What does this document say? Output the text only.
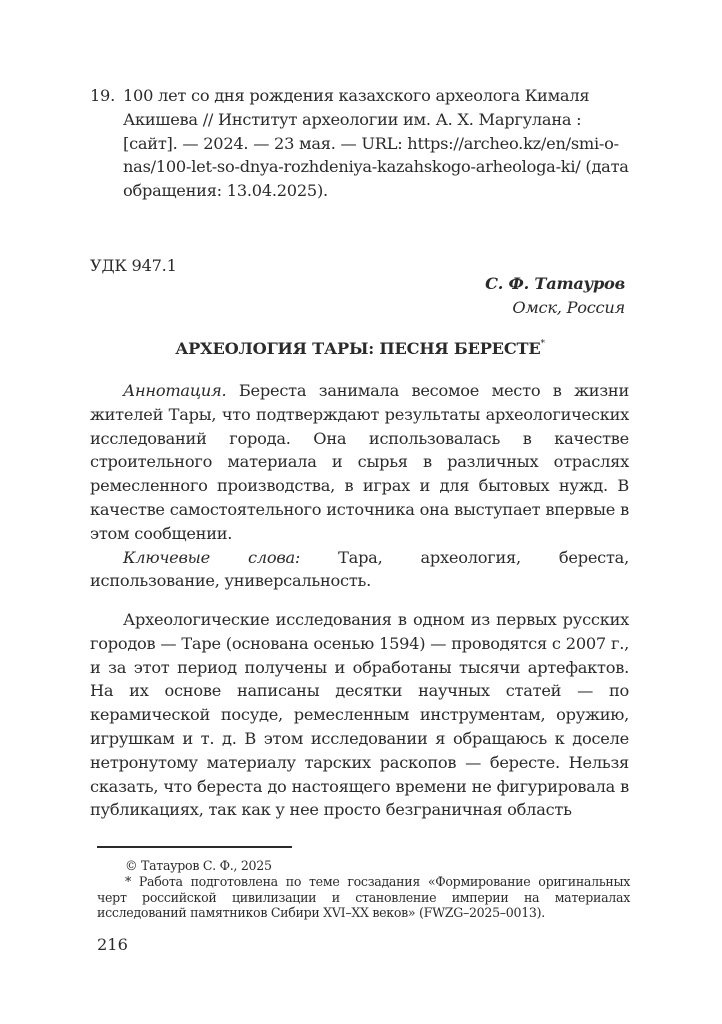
19. 100 лет со дня рождения казахского археолога Кималя Акишева // Институт археологии им. А. Х. Маргулана : [сайт]. — 2024. — 23 мая. — URL: https://archeo.kz/en/smi-o-nas/100-let-so-dnya-rozhdeniya-kazahskogo-arheologa-ki/ (дата обращения: 13.04.2025).
УДК 947.1
С. Ф. Татауров
Омск, Россия
АРХЕОЛОГИЯ ТАРЫ: ПЕСНЯ БЕРЕСТЕ*

Аннотация. Береста занимала весомое место в жизни жителей Тары, что подтверждают результаты археологических исследований города. Она использовалась в качестве строительного материала и сырья в различных отраслях ремесленного производства, в играх и для бытовых нужд. В качестве самостоятельного источника она выступает впервые в этом сообщении.

Ключевые слова: Тара, археология, береста, использование, универсальность.

Археологические исследования в одном из первых русских городов — Таре (основана осенью 1594) — проводятся с 2007 г., и за этот период получены и обработаны тысячи артефактов. На их основе написаны десятки научных статей — по керамической посуде, ремесленным инструментам, оружию, игрушкам и т. д. В этом исследовании я обращаюсь к доселе нетронутому материалу тарских раскопов — бересте. Нельзя сказать, что береста до настоящего времени не фигурировала в публикациях, так как у нее просто безграничная область

© Татауров С. Ф., 2025

* Работа подготовлена по теме госзадания «Формирование оригинальных черт российской цивилизации и становление империи на материалах исследований памятников Сибири XVI–XX веков» (FWZG–2025–0013).

216
